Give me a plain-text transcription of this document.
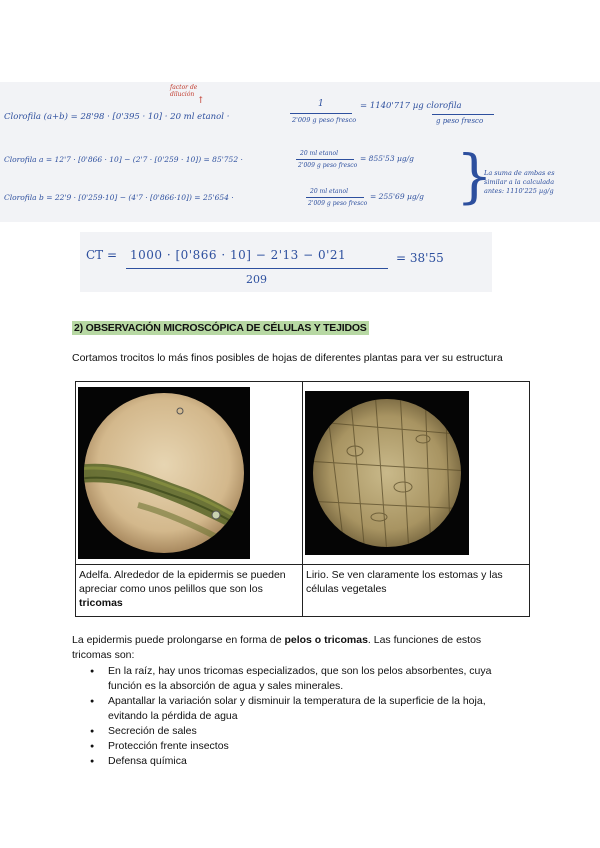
factor de dilución
↑
Clorofila (a+b) = 28'98 · [0'395 · 10] · 20 ml etanol ·
1
2'009 g peso fresco
= 1140'717 µg clorofila
g peso fresco
Clorofila a = 12'7 · [0'866 · 10] − (2'7 · [0'259 · 10]) = 85'752 ·
20 ml etanol
2'009 g peso fresco
= 855'53 µg/g
Clorofila b = 22'9 · [0'259·10] − (4'7 · [0'866·10]) = 25'654 ·
20 ml etanol
2'009 g peso fresco
= 255'69 µg/g }
La suma de ambas es
similar a la calculada
antes: 1110'225 µg/g
CT = 1000 · [0'866 · 10] − 2'13 − 0'21
209
= 38'55
2) OBSERVACIÓN MICROSCÓPICA DE CÉLULAS Y TEJIDOS
Cortamos trocitos lo más finos posibles de hojas de diferentes plantas para ver su estructura

Adelfa. Alrededor de la epidermis se pueden apreciar como unos pelillos que son los tricomas	Lirio. Se ven claramente los estomas y las células vegetales
La epidermis puede prolongarse en forma de pelos o tricomas. Las funciones de estos tricomas son:
● En la raíz, hay unos tricomas especializados, que son los pelos absorbentes, cuya función es la absorción de agua y sales minerales.
● Apantallar la variación solar y disminuir la temperatura de la superficie de la hoja, evitando la pérdida de agua
● Secreción de sales
● Protección frente insectos
● Defensa química
